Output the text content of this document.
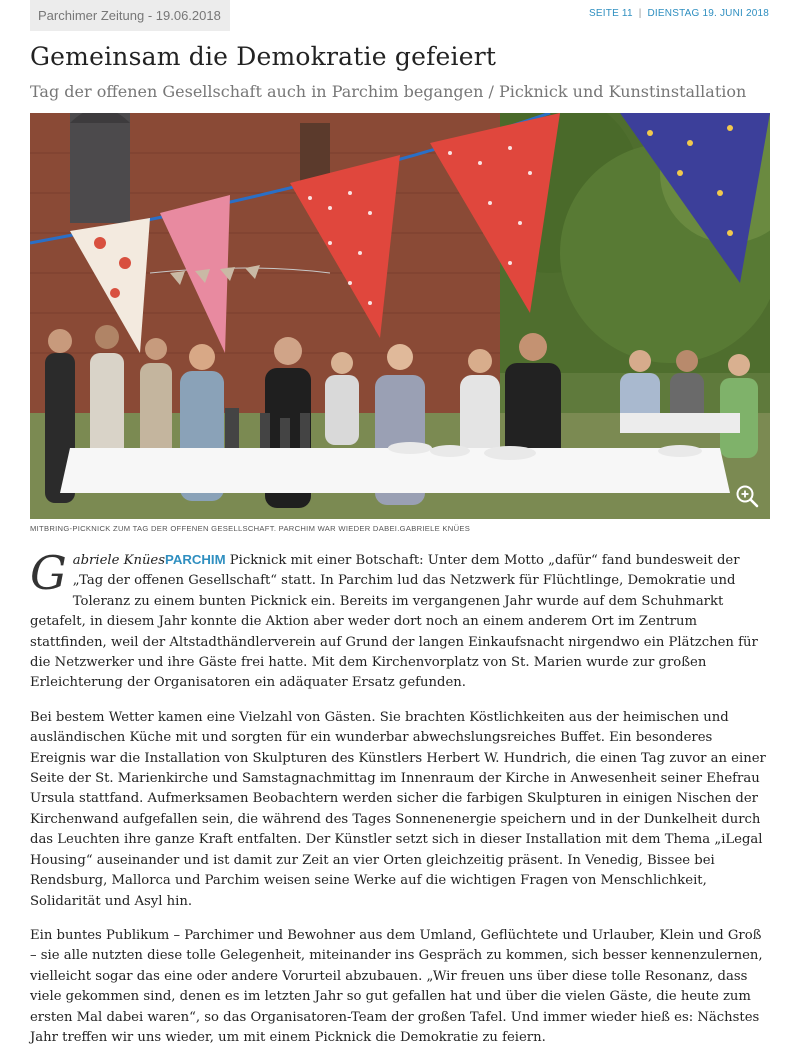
Parchimer Zeitung - 19.06.2018	SEITE 11 | DIENSTAG 19. JUNI 2018
Gemeinsam die Demokratie gefeiert
Tag der offenen Gesellschaft auch in Parchim begangen / Picknick und Kunstinstallation
MITBRING-PICKNICK ZUM TAG DER OFFENEN GESELLSCHAFT. PARCHIM WAR WIEDER DABEI.GABRIELE KNÜES

Gabriele KnüesPARCHIM Picknick mit einer Botschaft: Unter dem Motto „dafür“ fand bundesweit der „Tag der offenen Gesellschaft“ statt. In Parchim lud das Netzwerk für Flüchtlinge, Demokratie und Toleranz zu einem bunten Picknick ein. Bereits im vergangenen Jahr wurde auf dem Schuhmarkt getafelt, in diesem Jahr konnte die Aktion aber weder dort noch an einem anderem Ort im Zentrum stattfinden, weil der Altstadthändlerverein auf Grund der langen Einkaufsnacht nirgendwo ein Plätzchen für die Netzwerker und ihre Gäste frei hatte. Mit dem Kirchenvorplatz von St. Marien wurde zur großen Erleichterung der Organisatoren ein adäquater Ersatz gefunden.

Bei bestem Wetter kamen eine Vielzahl von Gästen. Sie brachten Köstlichkeiten aus der heimischen und ausländischen Küche mit und sorgten für ein wunderbar abwechslungsreiches Buffet. Ein besonderes Ereignis war die Installation von Skulpturen des Künstlers Herbert W. Hundrich, die einen Tag zuvor an einer Seite der St. Marienkirche und Samstagnachmittag im Innenraum der Kirche in Anwesenheit seiner Ehefrau Ursula stattfand. Aufmerksamen Beobachtern werden sicher die farbigen Skulpturen in einigen Nischen der Kirchenwand aufgefallen sein, die während des Tages Sonnenenergie speichern und in der Dunkelheit durch das Leuchten ihre ganze Kraft entfalten. Der Künstler setzt sich in dieser Installation mit dem Thema „iLegal Housing“ auseinander und ist damit zur Zeit an vier Orten gleichzeitig präsent. In Venedig, Bissee bei Rendsburg, Mallorca und Parchim weisen seine Werke auf die wichtigen Fragen von Menschlichkeit, Solidarität und Asyl hin.

Ein buntes Publikum – Parchimer und Bewohner aus dem Umland, Geflüchtete und Urlauber, Klein und Groß – sie alle nutzten diese tolle Gelegenheit, miteinander ins Gespräch zu kommen, sich besser kennenzulernen, vielleicht sogar das eine oder andere Vorurteil abzubauen. „Wir freuen uns über diese tolle Resonanz, dass viele gekommen sind, denen es im letzten Jahr so gut gefallen hat und über die vielen Gäste, die heute zum ersten Mal dabei waren“, so das Organisatoren-Team der großen Tafel. Und immer wieder hieß es: Nächstes Jahr treffen wir uns wieder, um mit einem Picknick die Demokratie zu feiern.
